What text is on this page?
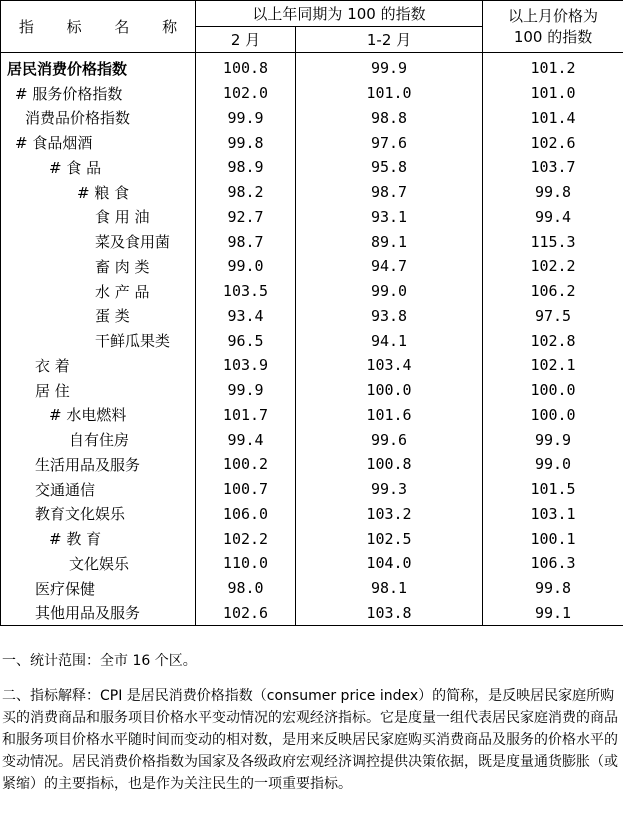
指 标 名 称	以上年同期为 100 的指数		以上月价格为 100 的指数

	2 月	1-2 月	
居民消费价格指数	100.8	99.9	101.2
# 服务价格指数	102.0	101.0	101.0
消费品价格指数	99.9	98.8	101.4
# 食品烟酒	99.8	97.6	102.6
# 食 品	98.9	95.8	103.7
# 粮 食	98.2	98.7	99.8
食 用 油	92.7	93.1	99.4
菜及食用菌	98.7	89.1	115.3
畜 肉 类	99.0	94.7	102.2
水 产 品	103.5	99.0	106.2
蛋 类	93.4	93.8	97.5
干鲜瓜果类	96.5	94.1	102.8
衣 着	103.9	103.4	102.1
居 住	99.9	100.0	100.0
# 水电燃料	101.7	101.6	100.0
自有住房	99.4	99.6	99.9
生活用品及服务	100.2	100.8	99.0
交通通信	100.7	99.3	101.5
教育文化娱乐	106.0	103.2	103.1
# 教 育	102.2	102.5	100.1
文化娱乐	110.0	104.0	106.3
医疗保健	98.0	98.1	99.8
其他用品及服务	102.6	103.8	99.1

一、统计范围：全市 16 个区。

二、指标解释：CPI 是居民消费价格指数（consumer price index）的简称，是反映居民家庭所购买的消费商品和服务项目价格水平变动情况的宏观经济指标。它是度量一组代表居民家庭消费的商品和服务项目价格水平随时间而变动的相对数，是用来反映居民家庭购买消费商品及服务的价格水平的变动情况。居民消费价格指数为国家及各级政府宏观经济调控提供决策依据，既是度量通货膨胀（或紧缩）的主要指标，也是作为关注民生的一项重要指标。
